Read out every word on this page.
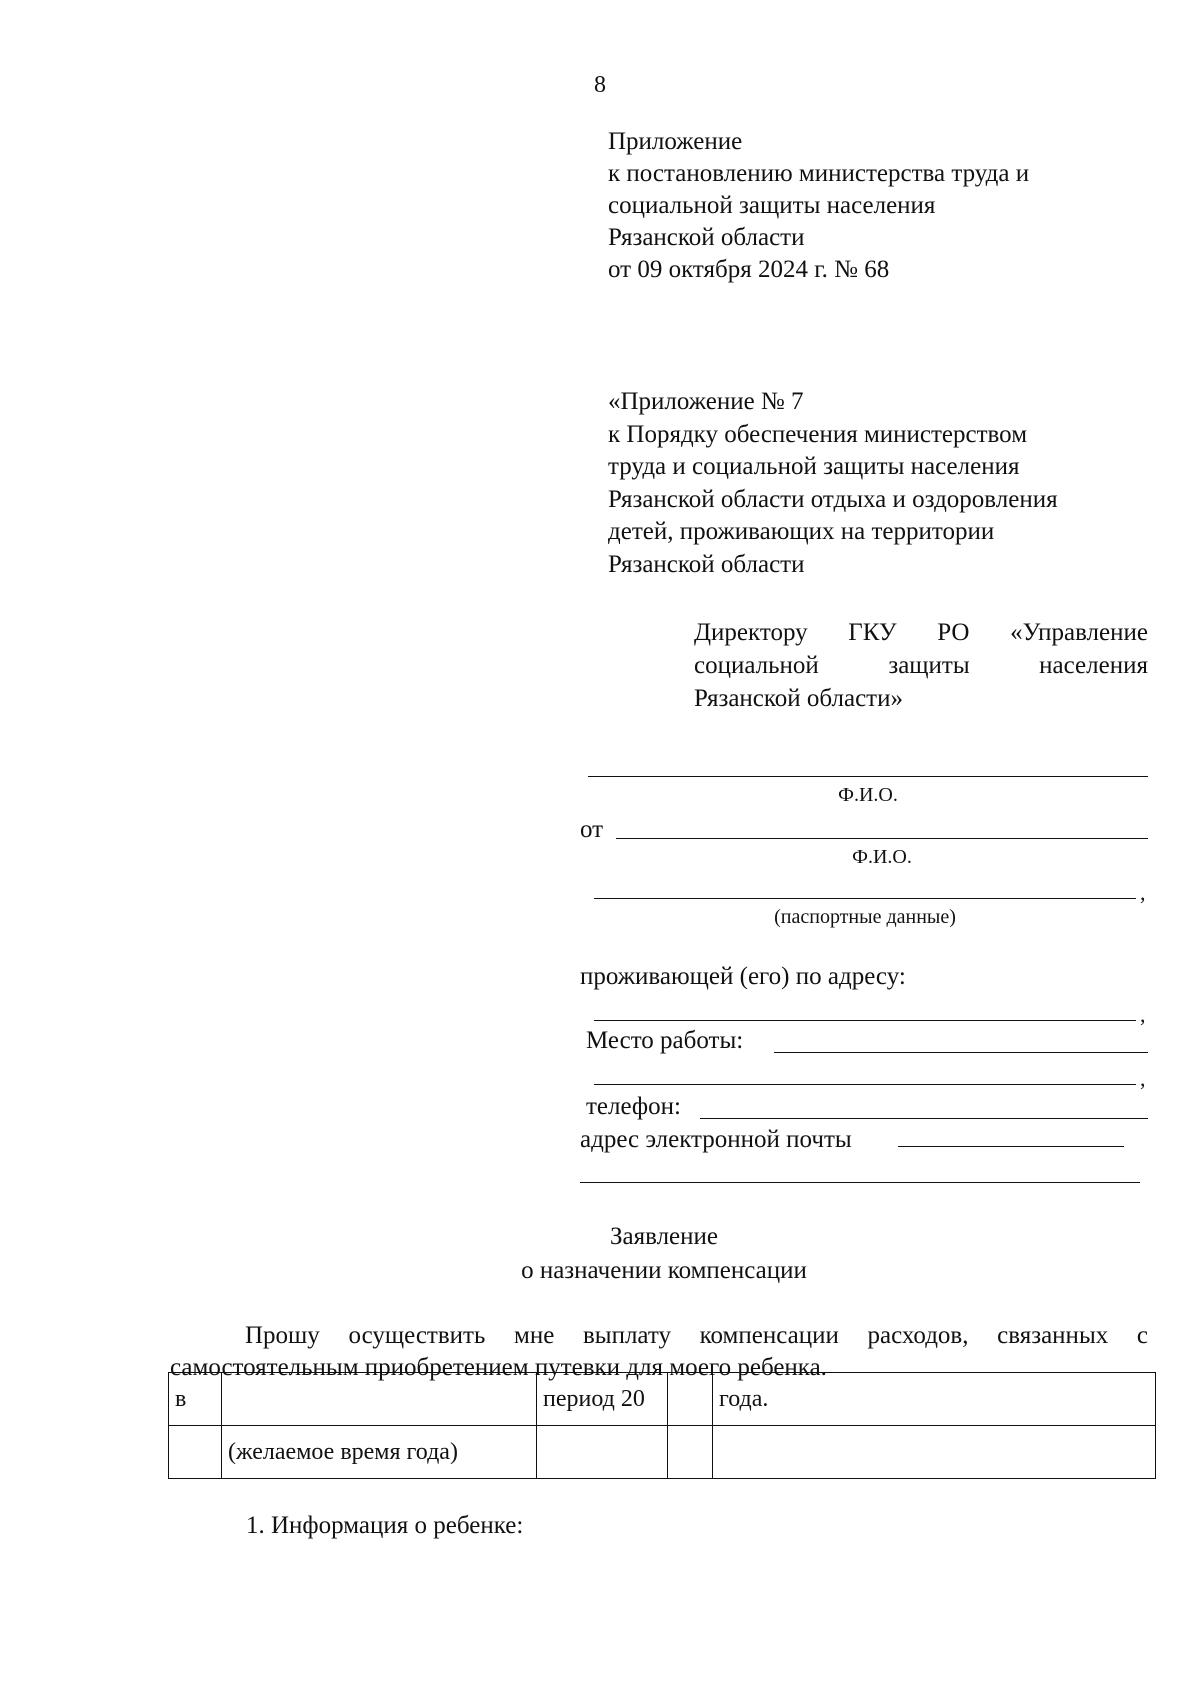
8
Приложение
к постановлению министерства труда и
социальной защиты населения
Рязанской области
от 09 октября 2024 г. № 68
«Приложение № 7
к Порядку обеспечения министерством
труда и социальной защиты населения
Рязанской области отдыха и оздоровления
детей, проживающих на территории
Рязанской области
Директору ГКУ РО «Управление
социальной	защиты	населения
Рязанской области»
Ф.И.О.
от
Ф.И.О.
,
(паспортные данные)
проживающей (его) по адресу:
,
Место работы:
,
телефон:
адрес электронной почты
Заявление
о назначении компенсации
Прошу осуществить мне выплату компенсации расходов, связанных с
самостоятельным приобретением путевки для моего ребенка.
в		период 20		года.
	(желаемое время года)			
1. Информация о ребенке:
